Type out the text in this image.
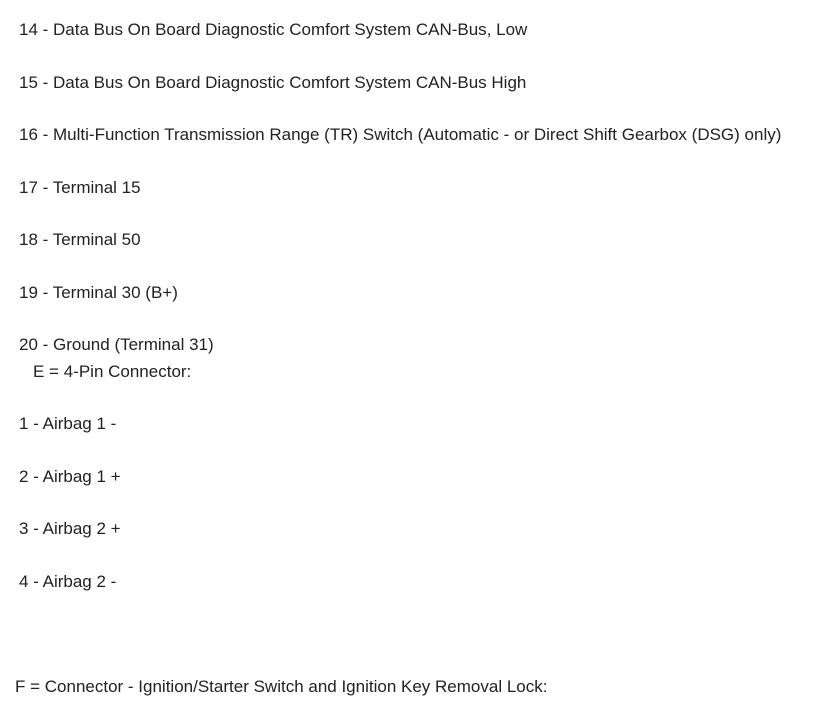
14 - Data Bus On Board Diagnostic Comfort System CAN-Bus, Low
15 - Data Bus On Board Diagnostic Comfort System CAN-Bus High
16 - Multi-Function Transmission Range (TR) Switch (Automatic - or Direct Shift Gearbox (DSG) only)
17 - Terminal 15
18 - Terminal 50
19 - Terminal 30 (B+)
20 - Ground (Terminal 31)
E = 4-Pin Connector:
1 - Airbag 1 -
2 - Airbag 1 +
3 - Airbag 2 +
4 - Airbag 2 -
F = Connector - Ignition/Starter Switch and Ignition Key Removal Lock:
